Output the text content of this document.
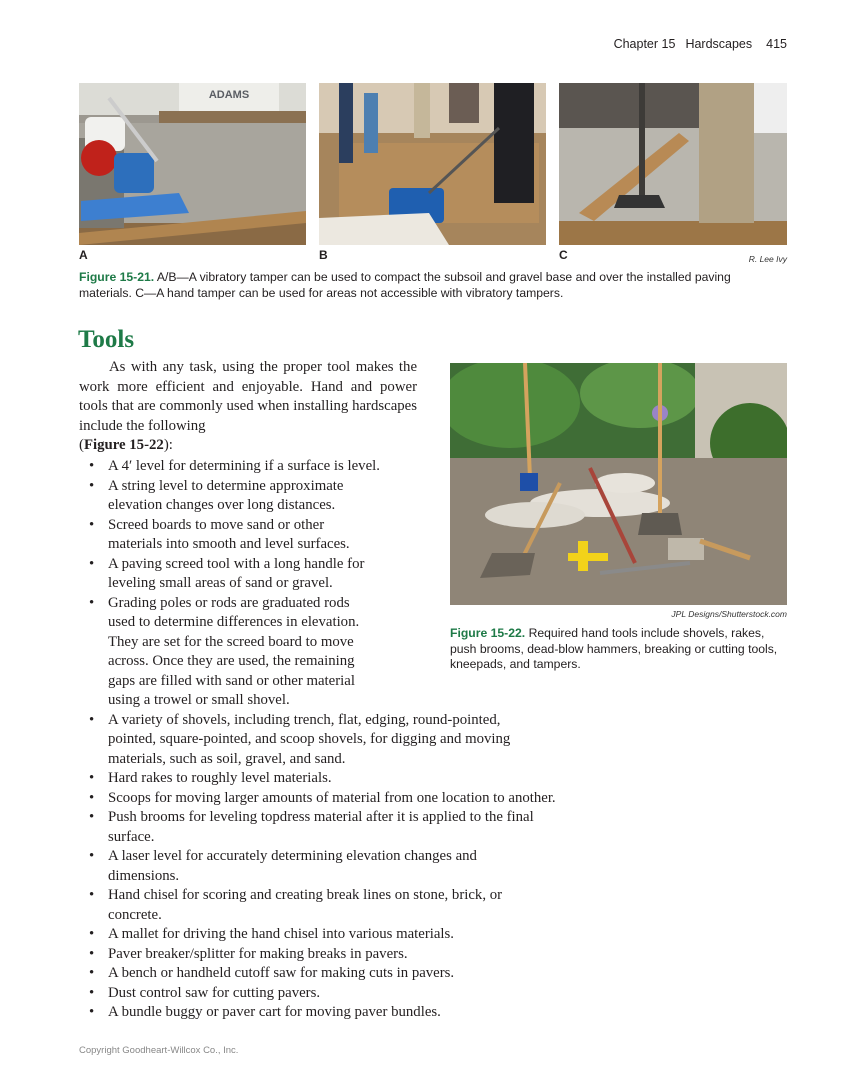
Chapter 15 Hardscapes 415
ADAMS
A	B	C	R. Lee Ivy
Figure 15-21. A/B—A vibratory tamper can be used to compact the subsoil and gravel base and over the installed paving materials. C—A hand tamper can be used for areas not accessible with vibratory tampers.
Tools
As with any task, using the proper tool makes the work more efficient and enjoyable. Hand and power tools that are commonly used when installing hardscapes include the following
(Figure 15-22):
JPL Designs/Shutterstock.com
Figure 15-22. Required hand tools include shovels, rakes, push brooms, dead-blow hammers, breaking or cutting tools, kneepads, and tampers.
• A 4′ level for determining if a surface is level.
• A string level to determine approximate
elevation changes over long distances.
• Screed boards to move sand or other
materials into smooth and level surfaces.
• A paving screed tool with a long handle for
leveling small areas of sand or gravel.
• Grading poles or rods are graduated rods
used to determine differences in elevation.
They are set for the screed board to move
across. Once they are used, the remaining
gaps are filled with sand or other material
using a trowel or small shovel.
• A variety of shovels, including trench, flat, edging, round-pointed,
pointed, square-pointed, and scoop shovels, for digging and moving
materials, such as soil, gravel, and sand.
• Hard rakes to roughly level materials.
• Scoops for moving larger amounts of material from one location to another.
• Push brooms for leveling topdress material after it is applied to the final
surface.
• A laser level for accurately determining elevation changes and
dimensions.
• Hand chisel for scoring and creating break lines on stone, brick, or
concrete.
• A mallet for driving the hand chisel into various materials.
• Paver breaker/splitter for making breaks in pavers.
• A bench or handheld cutoff saw for making cuts in pavers.
• Dust control saw for cutting pavers.
• A bundle buggy or paver cart for moving paver bundles.
Copyright Goodheart-Willcox Co., Inc.
